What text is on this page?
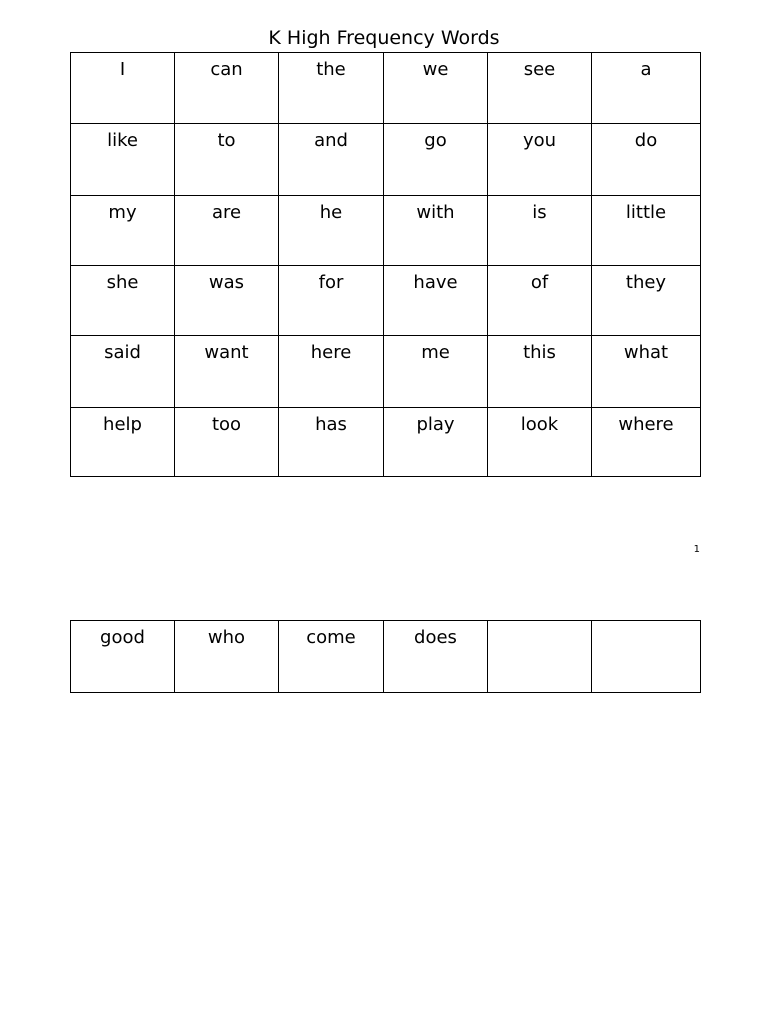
K High Frequency Words
I	can	the	we	see	a
like	to	and	go	you	do
my	are	he	with	is	little
she	was	for	have	of	they
said	want	here	me	this	what
help	too	has	play	look	where
1
good	who	come	does		
